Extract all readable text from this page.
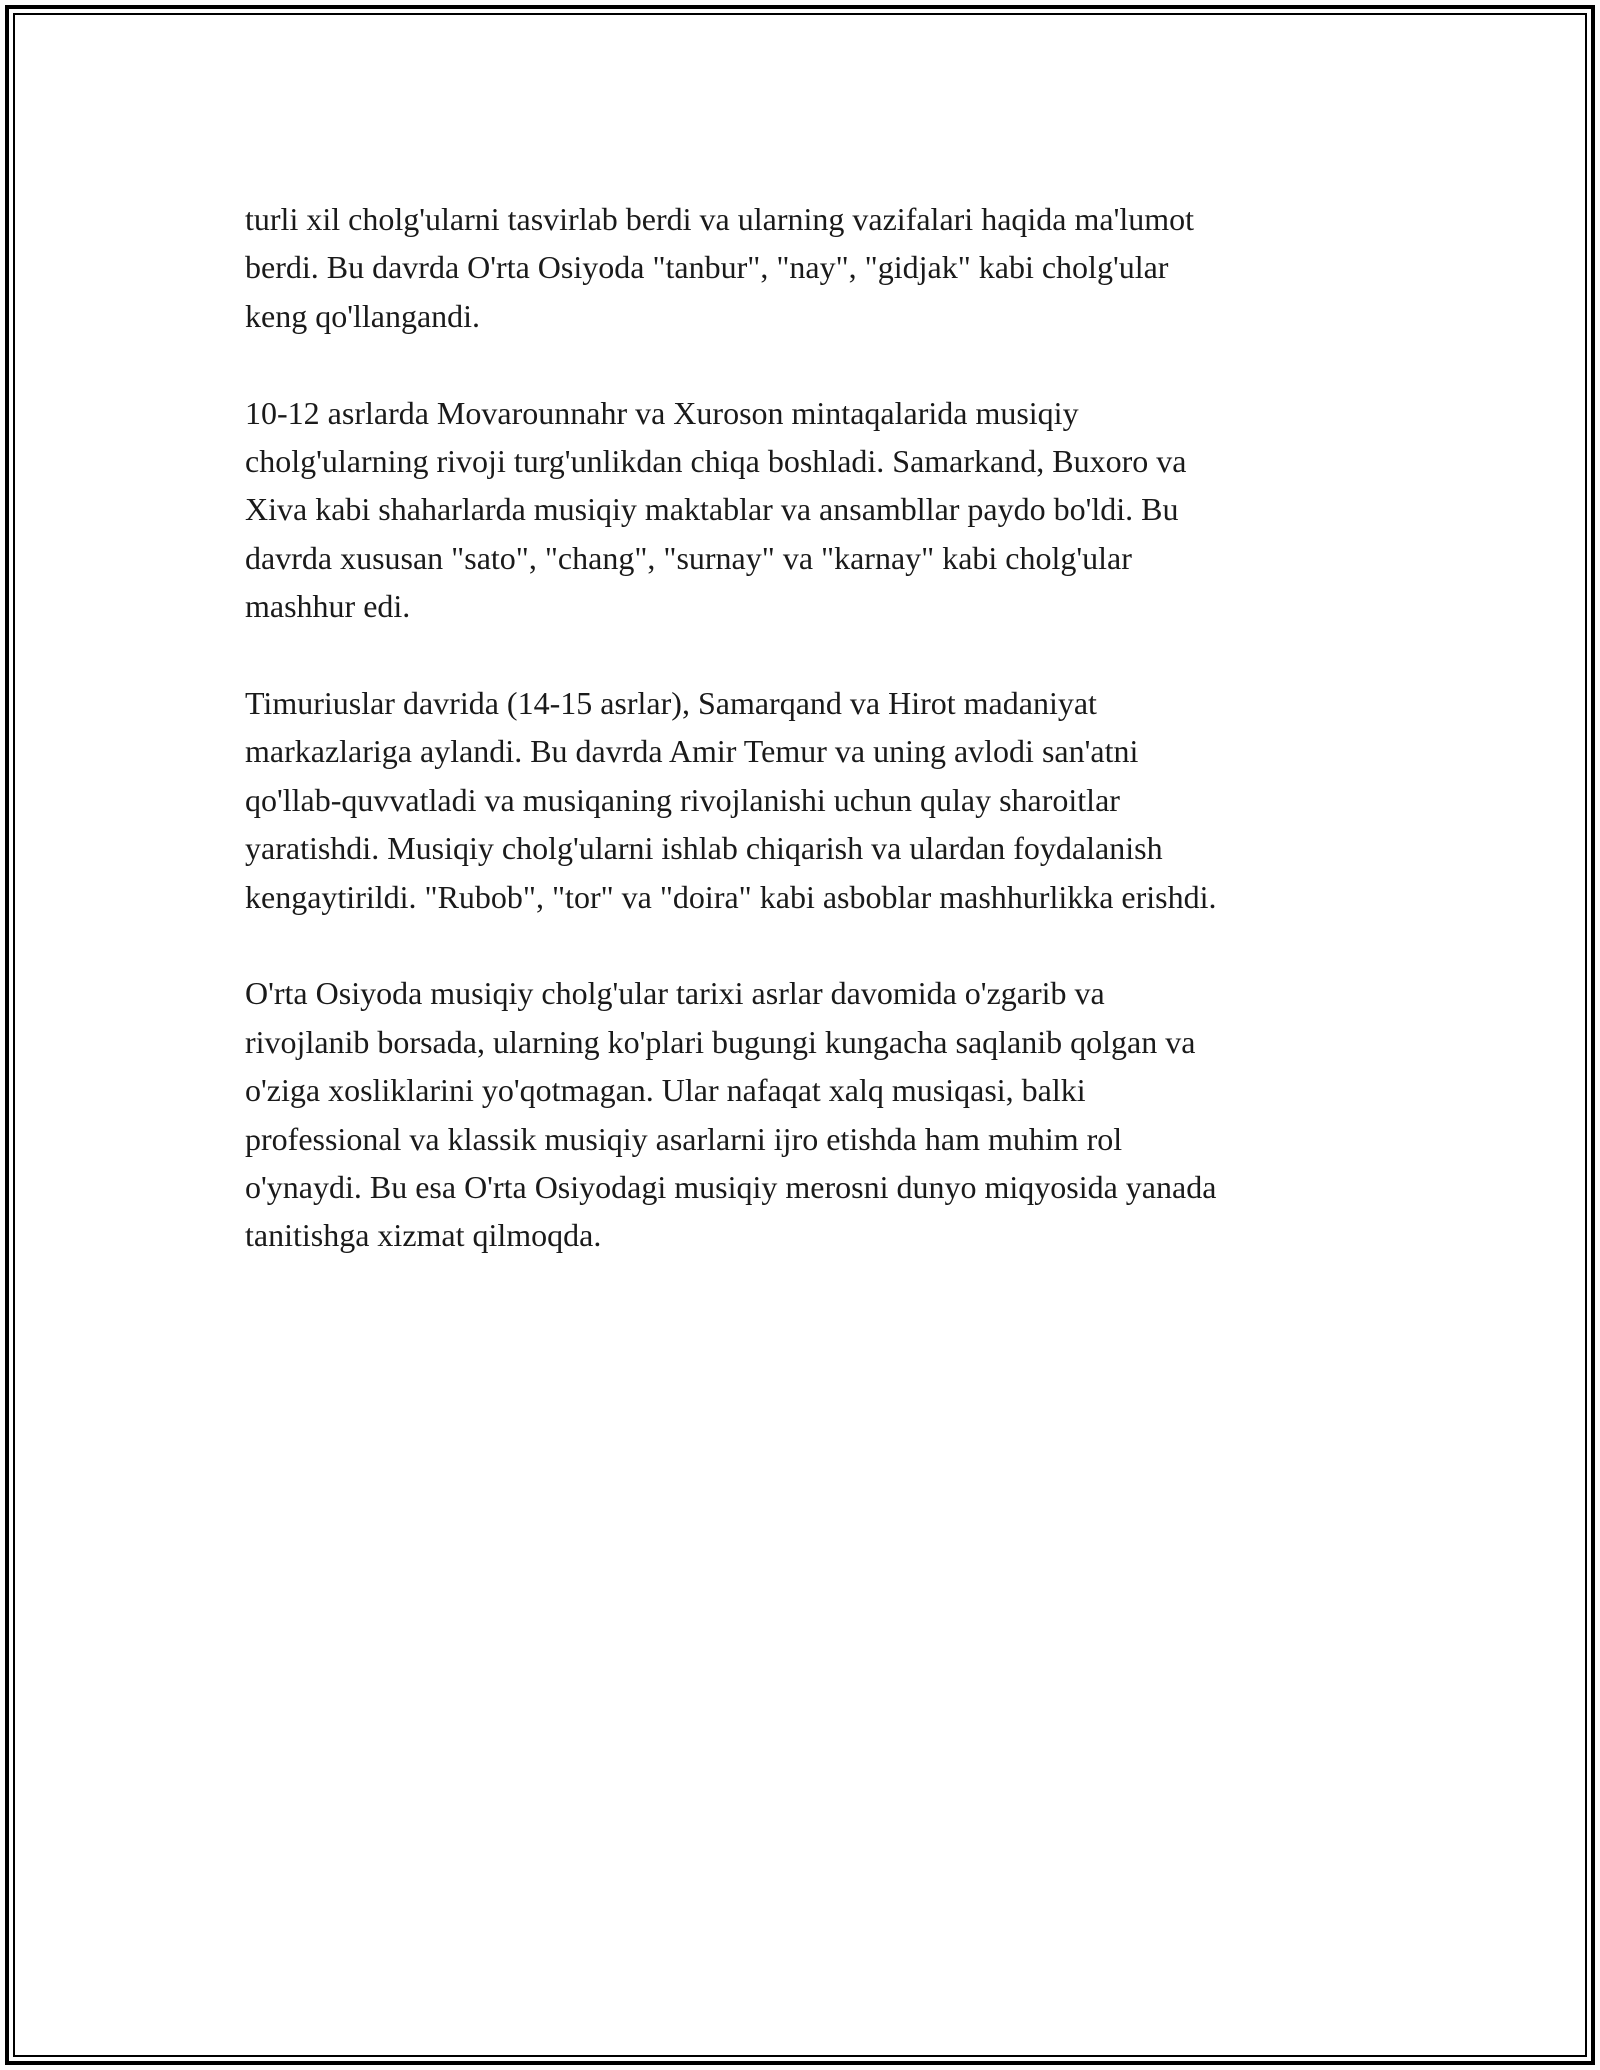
turli xil cholg'ularni tasvirlab berdi va ularning vazifalari haqida ma'lumot
berdi. Bu davrda O'rta Osiyoda "tanbur", "nay", "gidjak" kabi cholg'ular
keng qo'llangandi.

10-12 asrlarda Movarounnahr va Xuroson mintaqalarida musiqiy
cholg'ularning rivoji turg'unlikdan chiqa boshladi. Samarkand, Buxoro va
Xiva kabi shaharlarda musiqiy maktablar va ansambllar paydo bo'ldi. Bu
davrda xususan "sato", "chang", "surnay" va "karnay" kabi cholg'ular
mashhur edi.

Timuriuslar davrida (14-15 asrlar), Samarqand va Hirot madaniyat
markazlariga aylandi. Bu davrda Amir Temur va uning avlodi san'atni
qo'llab-quvvatladi va musiqaning rivojlanishi uchun qulay sharoitlar
yaratishdi. Musiqiy cholg'ularni ishlab chiqarish va ulardan foydalanish
kengaytirildi. "Rubob", "tor" va "doira" kabi asboblar mashhurlikka erishdi.

O'rta Osiyoda musiqiy cholg'ular tarixi asrlar davomida o'zgarib va
rivojlanib borsada, ularning ko'plari bugungi kungacha saqlanib qolgan va
o'ziga xosliklarini yo'qotmagan. Ular nafaqat xalq musiqasi, balki
professional va klassik musiqiy asarlarni ijro etishda ham muhim rol
o'ynaydi. Bu esa O'rta Osiyodagi musiqiy merosni dunyo miqyosida yanada
tanitishga xizmat qilmoqda.
